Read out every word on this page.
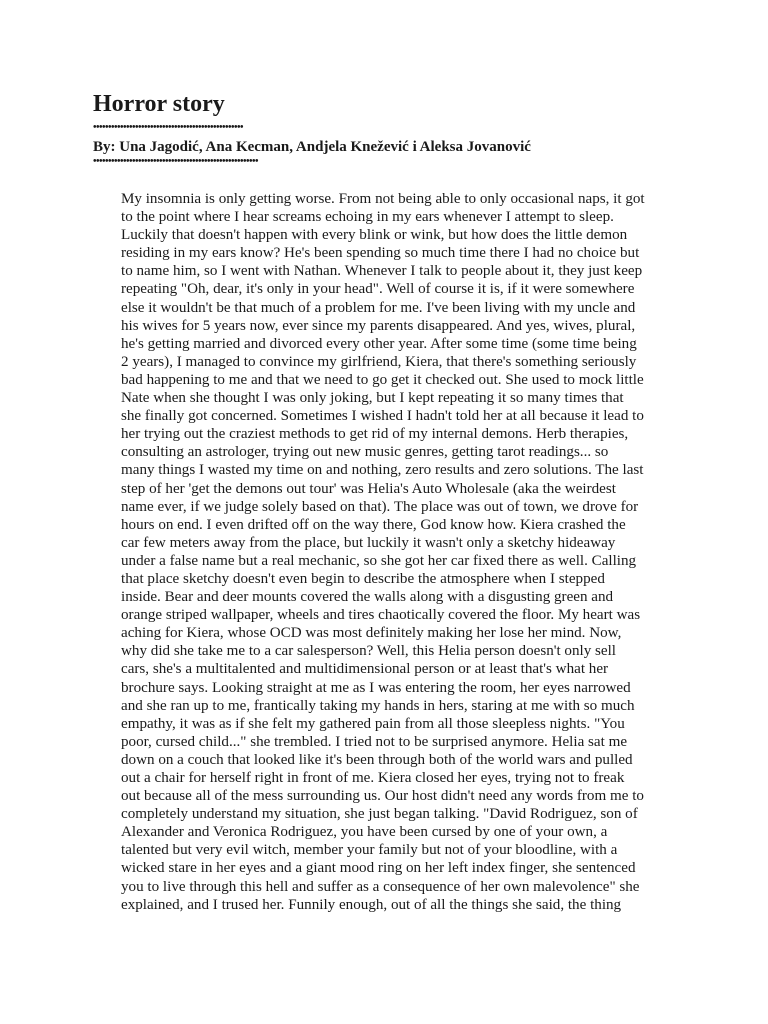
Horror story
••••••••••••••••••••••••••••••••••••••••••••••••••
By: Una Jagodić, Ana Kecman, Andjela Knežević i Aleksa Jovanović
•••••••••••••••••••••••••••••••••••••••••••••••••••••••
My insomnia is only getting worse. From not being able to only occasional naps, it got
to the point where I hear screams echoing in my ears whenever I attempt to sleep.
Luckily that doesn't happen with every blink or wink, but how does the little demon
residing in my ears know? He's been spending so much time there I had no choice but
to name him, so I went with Nathan. Whenever I talk to people about it, they just keep
repeating "Oh, dear, it's only in your head". Well of course it is, if it were somewhere
else it wouldn't be that much of a problem for me. I've been living with my uncle and
his wives for 5 years now, ever since my parents disappeared. And yes, wives, plural,
he's getting married and divorced every other year. After some time (some time being
2 years), I managed to convince my girlfriend, Kiera, that there's something seriously
bad happening to me and that we need to go get it checked out. She used to mock little
Nate when she thought I was only joking, but I kept repeating it so many times that
she finally got concerned. Sometimes I wished I hadn't told her at all because it lead to
her trying out the craziest methods to get rid of my internal demons. Herb therapies,
consulting an astrologer, trying out new music genres, getting tarot readings... so
many things I wasted my time on and nothing, zero results and zero solutions. The last
step of her 'get the demons out tour' was Helia's Auto Wholesale (aka the weirdest
name ever, if we judge solely based on that). The place was out of town, we drove for
hours on end. I even drifted off on the way there, God know how. Kiera crashed the
car few meters away from the place, but luckily it wasn't only a sketchy hideaway
under a false name but a real mechanic, so she got her car fixed there as well. Calling
that place sketchy doesn't even begin to describe the atmosphere when I stepped
inside. Bear and deer mounts covered the walls along with a disgusting green and
orange striped wallpaper, wheels and tires chaotically covered the floor. My heart was
aching for Kiera, whose OCD was most definitely making her lose her mind. Now,
why did she take me to a car salesperson? Well, this Helia person doesn't only sell
cars, she's a multitalented and multidimensional person or at least that's what her
brochure says. Looking straight at me as I was entering the room, her eyes narrowed
and she ran up to me, frantically taking my hands in hers, staring at me with so much
empathy, it was as if she felt my gathered pain from all those sleepless nights. "You
poor, cursed child..." she trembled. I tried not to be surprised anymore. Helia sat me
down on a couch that looked like it's been through both of the world wars and pulled
out a chair for herself right in front of me. Kiera closed her eyes, trying not to freak
out because all of the mess surrounding us. Our host didn't need any words from me to
completely understand my situation, she just began talking. "David Rodriguez, son of
Alexander and Veronica Rodriguez, you have been cursed by one of your own, a
talented but very evil witch, member your family but not of your bloodline, with a
wicked stare in her eyes and a giant mood ring on her left index finger, she sentenced
you to live through this hell and suffer as a consequence of her own malevolence" she
explained, and I trused her. Funnily enough, out of all the things she said, the thing
